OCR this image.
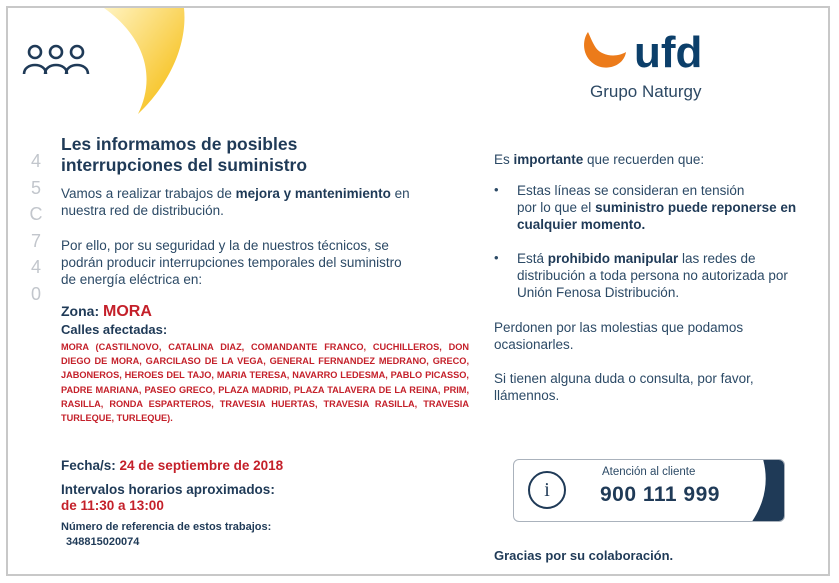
ufd
Grupo Naturgy
4
5
C
7
4
0
Les informamos de posibles
interrupciones del suministro
Vamos a realizar trabajos de mejora y mantenimiento en
nuestra red de distribución.
Por ello, por su seguridad y la de nuestros técnicos, se
podrán producir interrupciones temporales del suministro
de energía eléctrica en:
Zona: MORA
Calles afectadas:
MORA (CASTILNOVO, CATALINA DIAZ, COMANDANTE FRANCO, CUCHILLEROS, DON DIEGO DE MORA, GARCILASO DE LA VEGA, GENERAL FERNANDEZ MEDRANO, GRECO, JABONEROS, HEROES DEL TAJO, MARIA TERESA, NAVARRO LEDESMA, PABLO PICASSO, PADRE MARIANA, PASEO GRECO, PLAZA MADRID, PLAZA TALAVERA DE LA REINA, PRIM, RASILLA, RONDA ESPARTEROS, TRAVESIA HUERTAS, TRAVESIA RASILLA, TRAVESIA TURLEQUE, TURLEQUE).
Fecha/s: 24 de septiembre de 2018
Intervalos horarios aproximados:
de 11:30 a 13:00
Número de referencia de estos trabajos:
348815020074
Es importante que recuerden que:
• Estas líneas se consideran en tensión
por lo que el suministro puede reponerse en
cualquier momento.
• Está prohibido manipular las redes de
distribución a toda persona no autorizada por
Unión Fenosa Distribución.
Perdonen por las molestias que podamos
ocasionarles.
Si tienen alguna duda o consulta, por favor,
llámennos.
i
Atención al cliente
900 111 999
Gracias por su colaboración.
